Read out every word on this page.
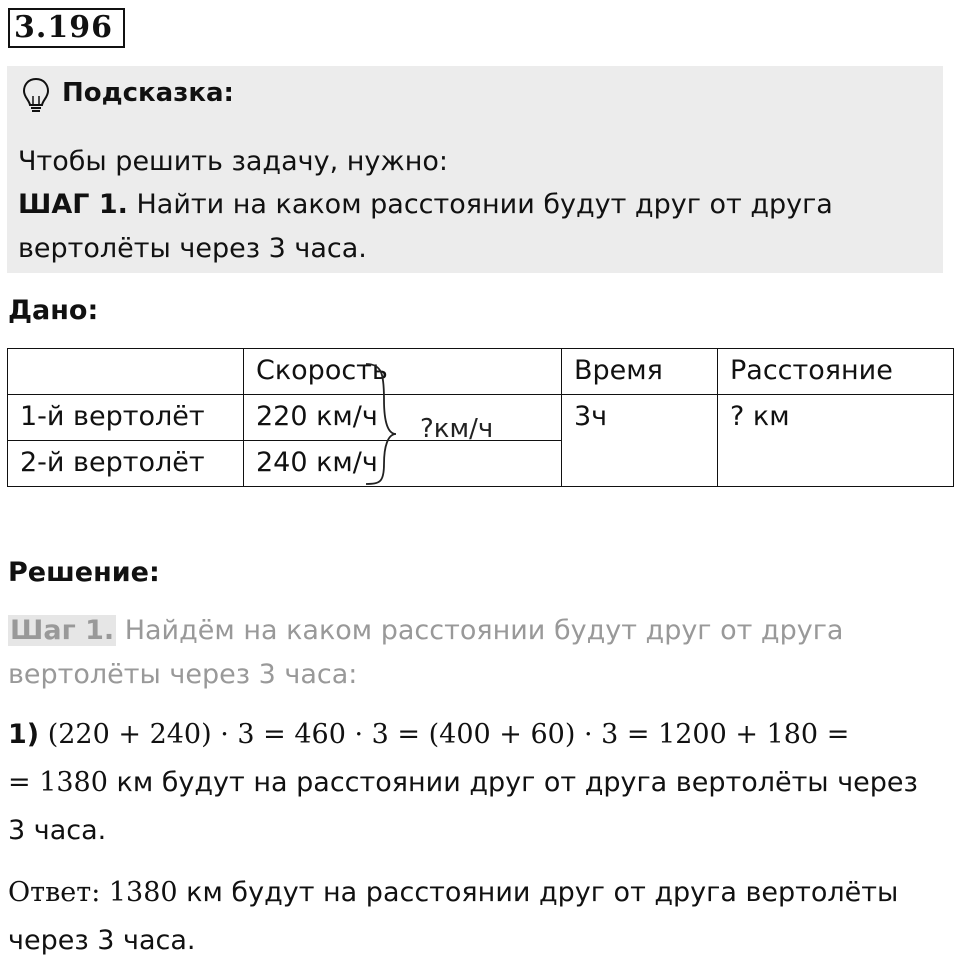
3.196
Подсказка:
Чтобы решить задачу, нужно:
ШАГ 1. Найти на каком расстоянии будут друг от друга
вертолёты через 3 часа.
Дано:
	Скорость	Время	Расстояние
1-й вертолёт	220 км/ч	3ч	? км
2-й вертолёт	240 км/ч		
?км/ч
Решение:
Шаг 1. Найдём на каком расстоянии будут друг от друга
вертолёты через 3 часа:
1) (220 + 240) · 3 = 460 · 3 = (400 + 60) · 3 = 1200 + 180 =
= 1380 км будут на расстоянии друг от друга вертолёты через
3 часа.
Ответ: 1380 км будут на расстоянии друг от друга вертолёты
через 3 часа.
